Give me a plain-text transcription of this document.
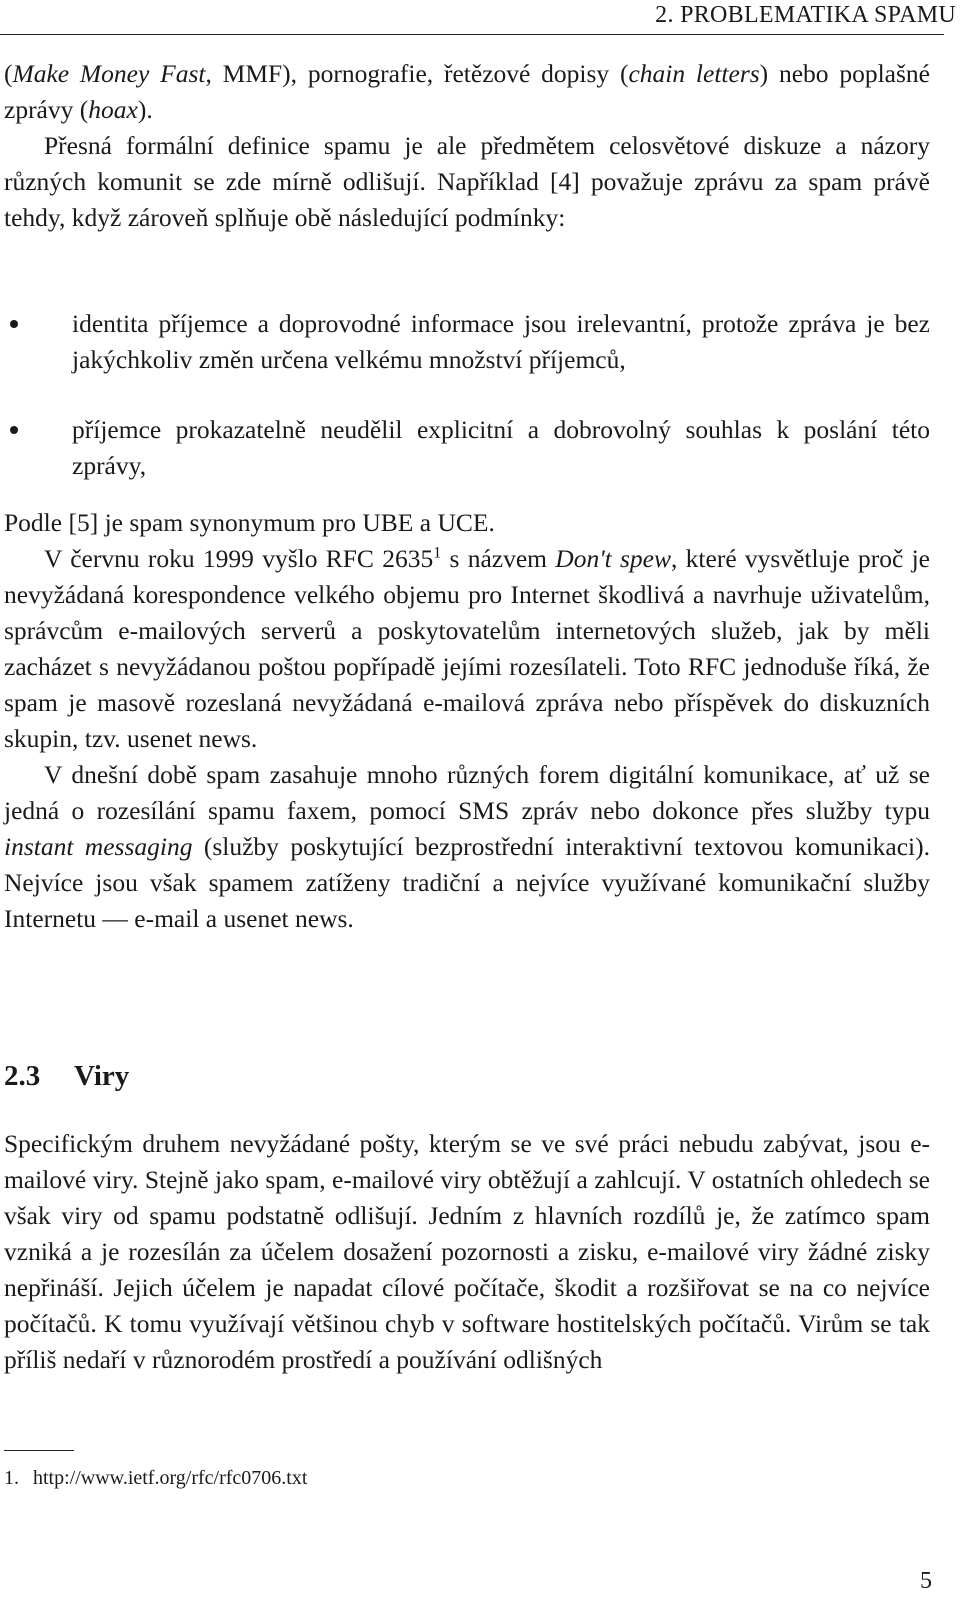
2. PROBLEMATIKA SPAMU

(Make Money Fast, MMF), pornografie, řetězové dopisy (chain letters) nebo poplašné zprávy (hoax).

Přesná formální definice spamu je ale předmětem celosvětové diskuze a názory různých komunit se zde mírně odlišují. Například [4] považuje zprávu za spam právě tehdy, když zároveň splňuje obě následující podmínky:

identita příjemce a doprovodné informace jsou irelevantní, protože zpráva je bez jakýchkoliv změn určena velkému množství příjemců,
příjemce prokazatelně neudělil explicitní a dobrovolný souhlas k poslání této zprávy,

Podle [5] je spam synonymum pro UBE a UCE.

V červnu roku 1999 vyšlo RFC 2635$^1$ s názvem Don't spew, které vysvětluje proč je nevyžádaná korespondence velkého objemu pro Internet škodlivá a navrhuje uživatelům, správcům e-mailových serverů a poskytovatelům internetových služeb, jak by měli zacházet s nevyžádanou poštou popřípadě jejími rozesílateli. Toto RFC jednoduše říká, že spam je masově rozeslaná nevyžádaná e-mailová zpráva nebo příspěvek do diskuzních skupin, tzv. usenet news.

V dnešní době spam zasahuje mnoho různých forem digitální komunikace, ať už se jedná o rozesílání spamu faxem, pomocí SMS zpráv nebo dokonce přes služby typu instant messaging (služby poskytující bezprostřední interaktivní textovou komunikaci). Nejvíce jsou však spamem zatíženy tradiční a nejvíce využívané komunikační služby Internetu — e-mail a usenet news.

2.3 Viry

Specifickým druhem nevyžádané pošty, kterým se ve své práci nebudu zabývat, jsou e-mailové viry. Stejně jako spam, e-mailové viry obtěžují a zahlcují. V ostatních ohledech se však viry od spamu podstatně odlišují. Jedním z hlavních rozdílů je, že zatímco spam vzniká a je rozesílán za účelem dosažení pozornosti a zisku, e-mailové viry žádné zisky nepřináší. Jejich účelem je napadat cílové počítače, škodit a rozšiřovat se na co nejvíce počítačů. K tomu využívají většinou chyb v software hostitelských počítačů. Virům se tak příliš nedaří v různorodém prostředí a používání odlišných

1. http://www.ietf.org/rfc/rfc0706.txt
5
